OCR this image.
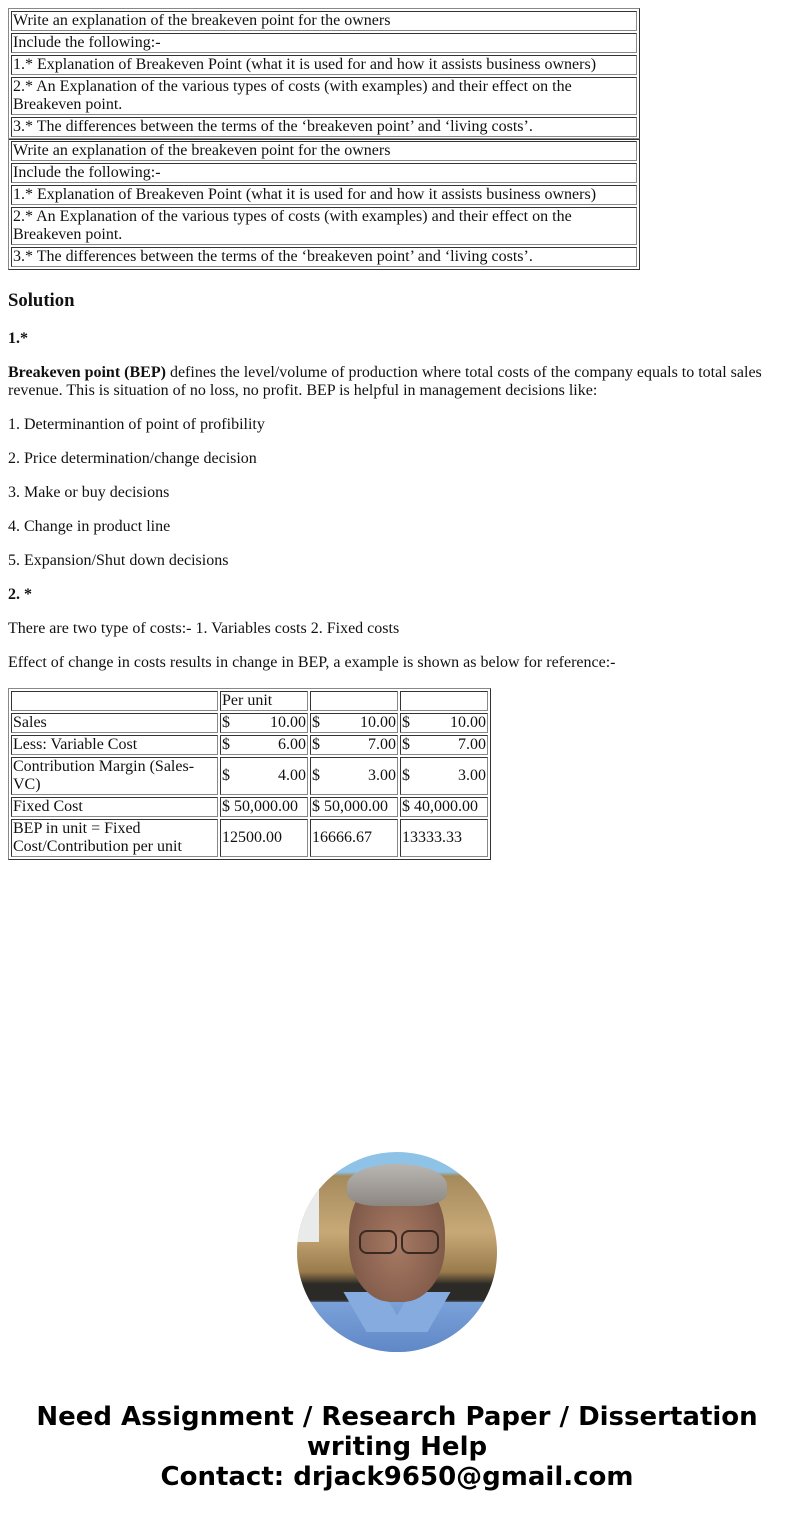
Write an explanation of the breakeven point for the owners
Include the following:-
1.* Explanation of Breakeven Point (what it is used for and how it assists business owners)
2.* An Explanation of the various types of costs (with examples) and their effect on the Breakeven point.
3.* The differences between the terms of the ‘breakeven point’ and ‘living costs’.
Write an explanation of the breakeven point for the owners
Include the following:-
1.* Explanation of Breakeven Point (what it is used for and how it assists business owners)
2.* An Explanation of the various types of costs (with examples) and their effect on the Breakeven point.
3.* The differences between the terms of the ‘breakeven point’ and ‘living costs’.
Solution

1.*

Breakeven point (BEP) defines the level/volume of production where total costs of the company equals to total sales revenue. This is situation of no loss, no profit. BEP is helpful in management decisions like:

1. Determinantion of point of profibility

2. Price determination/change decision

3. Make or buy decisions

4. Change in product line

5. Expansion/Shut down decisions

2. *

There are two type of costs:- 1. Variables costs 2. Fixed costs

Effect of change in costs results in change in BEP, a example is shown as below for reference:-

	Per unit		
Sales	$ 10.00	$ 10.00	$ 10.00

Less: Variable Cost	$ 6.00	$ 7.00	$ 7.00

Contribution Margin (Sales-VC)	$ 4.00	$ 3.00	$ 3.00

Fixed Cost	$ 50,000.00	$ 50,000.00	$ 40,000.00
BEP in unit = Fixed Cost/Contribution per unit	12500.00	16666.67	13333.33
Need Assignment / Research Paper / Dissertation
writing Help
Contact: drjack9650@gmail.com
